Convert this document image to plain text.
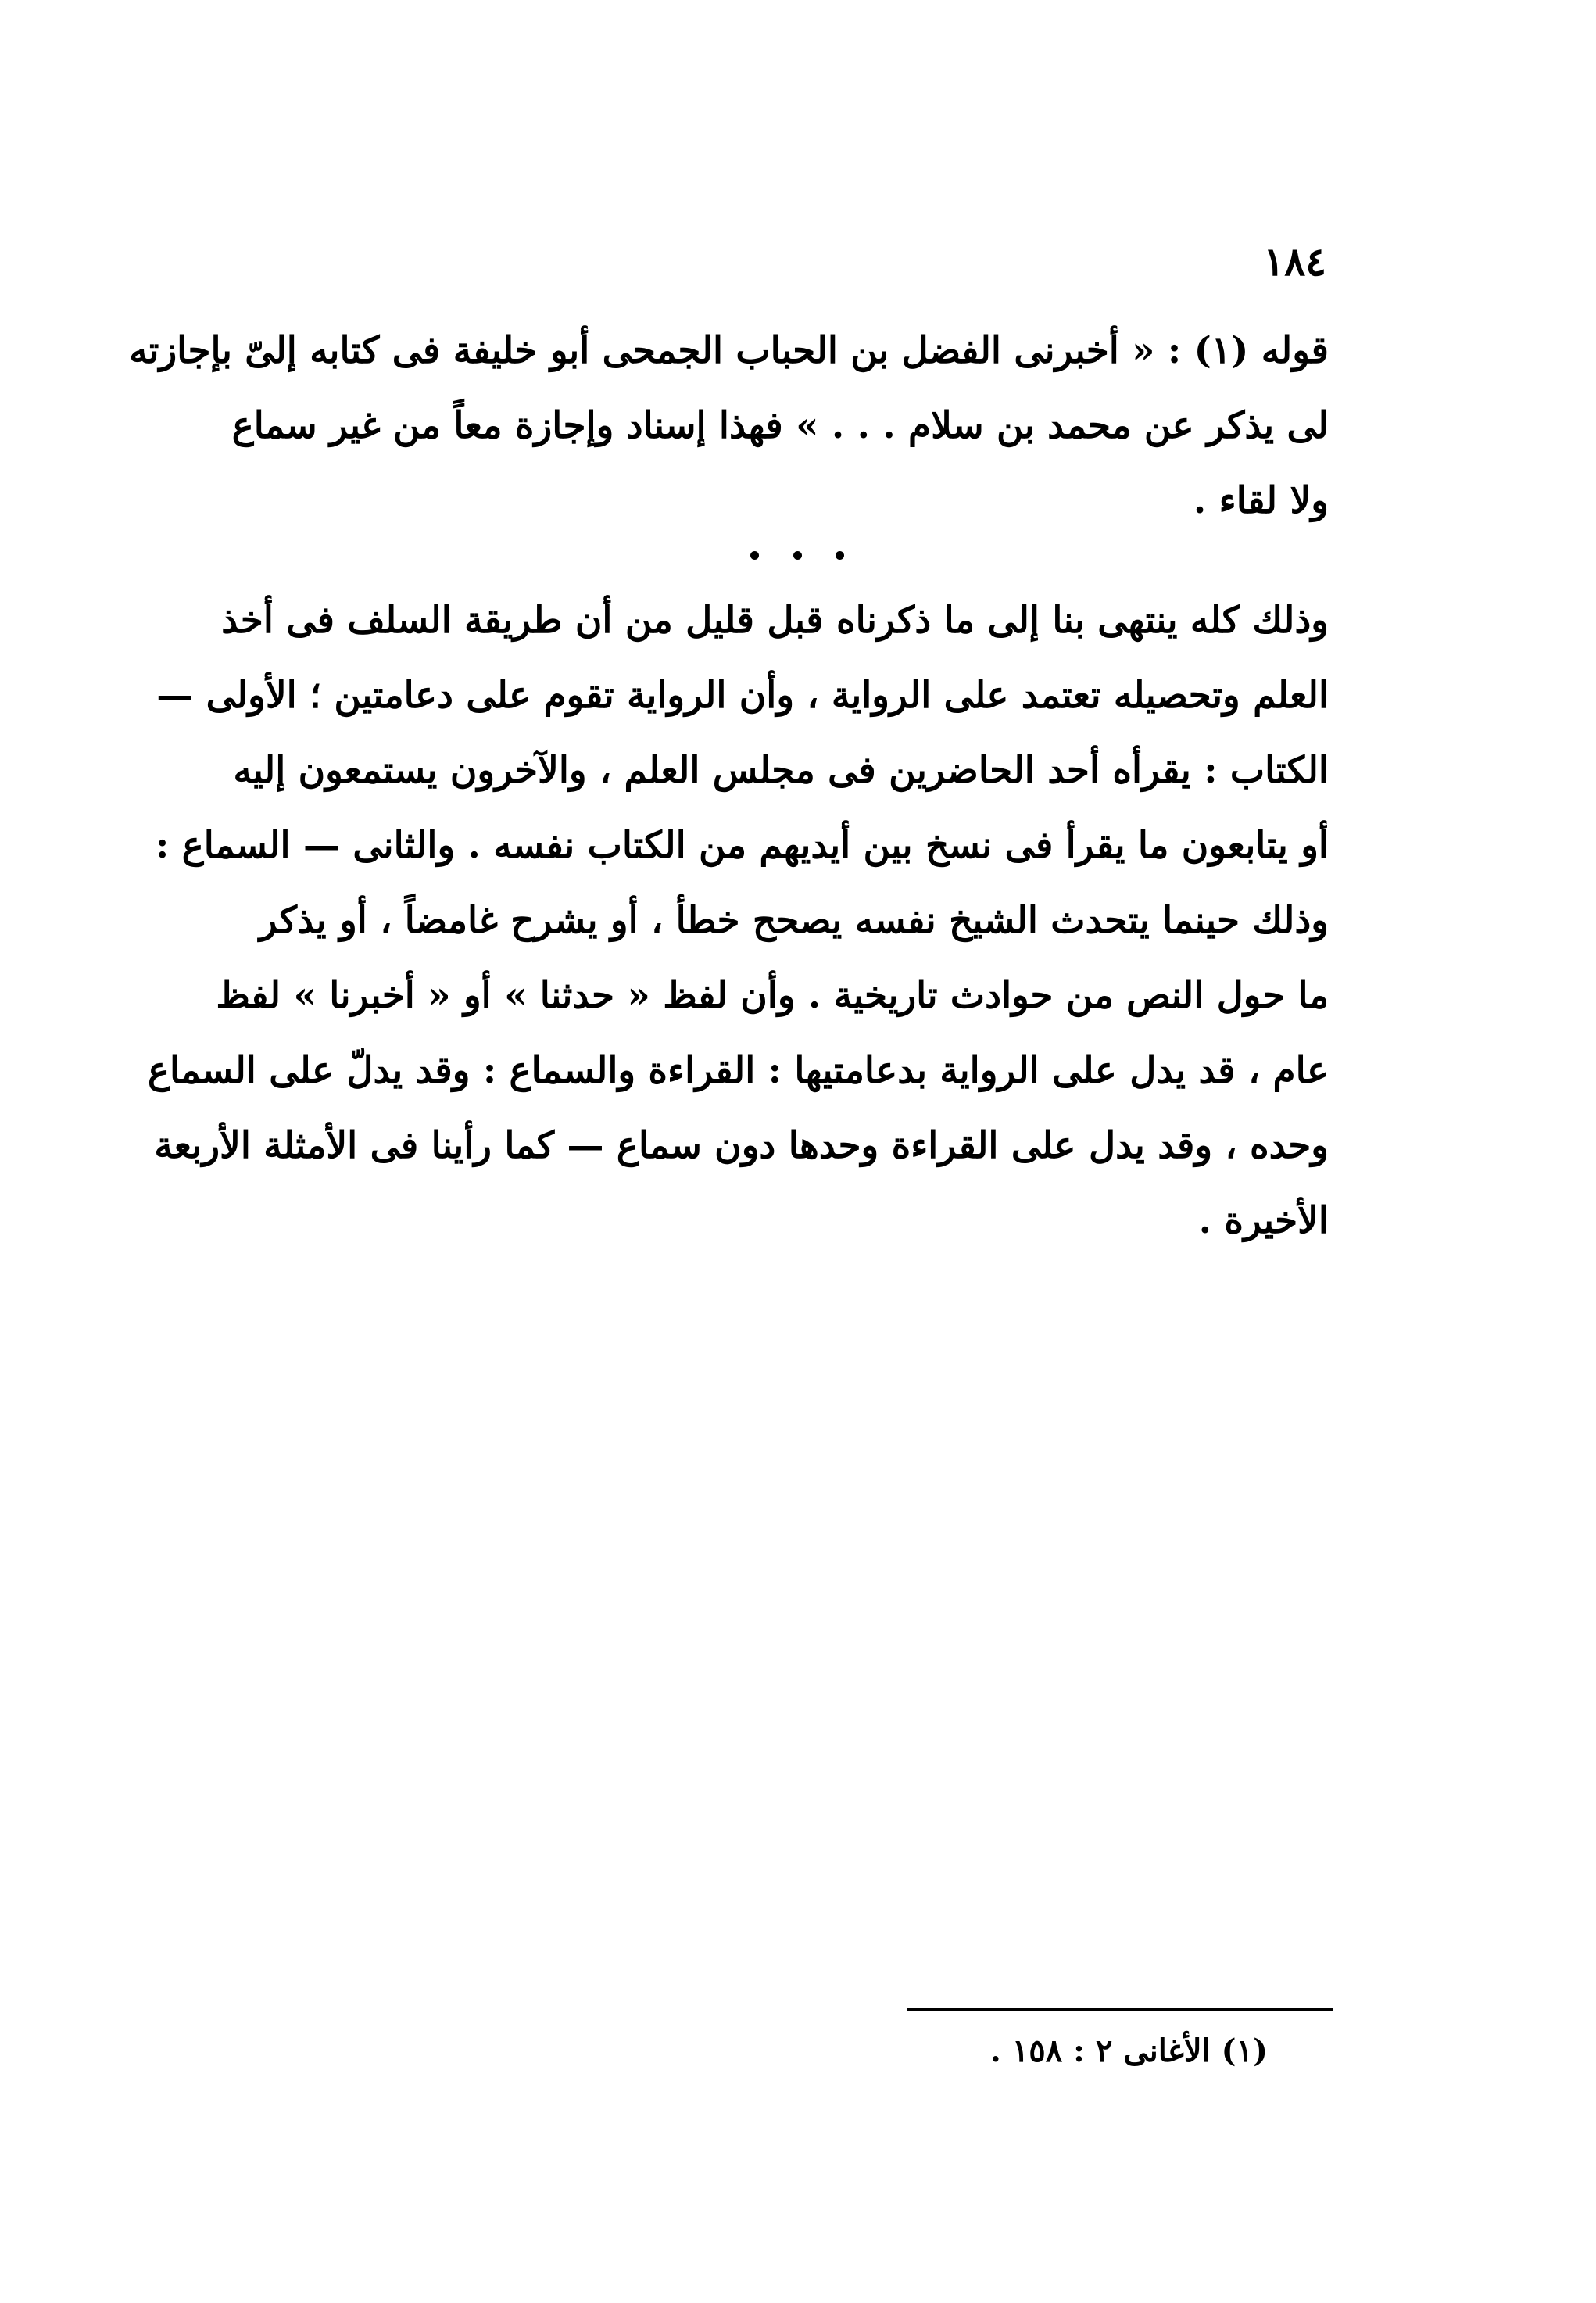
١٨٤
قوله (١) : « أخبرنى الفضل بن الحباب الجمحى أبو خليفة فى كتابه إلىّ بإجازته
لى يذكر عن محمد بن سلام . . . » فهذا إسناد وإجازة معاً من غير سماع
ولا لقاء .
وذلك كله ينتهى بنا إلى ما ذكرناه قبل قليل من أن طريقة السلف فى أخذ
العلم وتحصيله تعتمد على الرواية ، وأن الرواية تقوم على دعامتين ؛ الأولى —
الكتاب : يقرأه أحد الحاضرين فى مجلس العلم ، والآخرون يستمعون إليه
أو يتابعون ما يقرأ فى نسخ بين أيديهم من الكتاب نفسه . والثانى — السماع :
وذلك حينما يتحدث الشيخ نفسه يصحح خطأ ، أو يشرح غامضاً ، أو يذكر
ما حول النص من حوادث تاريخية . وأن لفظ « حدثنا » أو « أخبرنا » لفظ
عام ، قد يدل على الرواية بدعامتيها : القراءة والسماع : وقد يدلّ على السماع
وحده ، وقد يدل على القراءة وحدها دون سماع — كما رأينا فى الأمثلة الأربعة
الأخيرة .
(١) الأغانى ٢ : ١٥٨ .
